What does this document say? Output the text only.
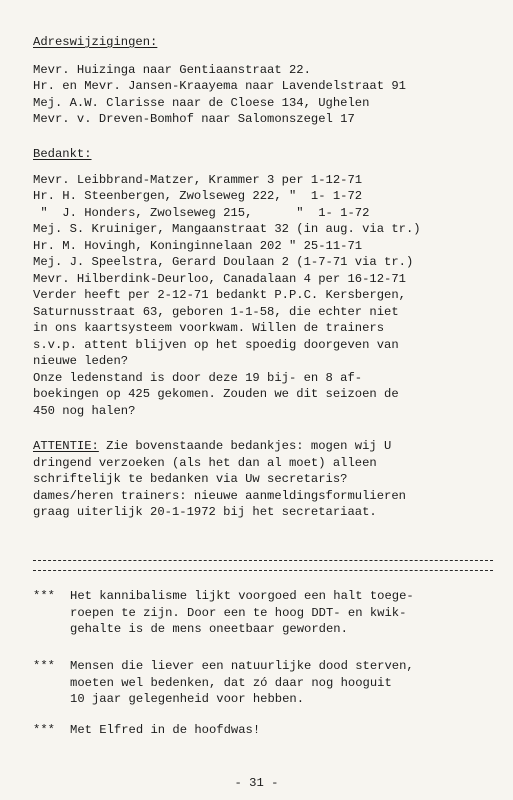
Adreswijzigingen:
Mevr. Huizinga naar Gentiaanstraat 22.
Hr. en Mevr. Jansen-Kraayema naar Lavendelstraat 91
Mej. A.W. Clarisse naar de Cloese 134, Ughelen
Mevr. v. Dreven-Bomhof naar Salomonszegel 17
Bedankt:
Mevr. Leibbrand-Matzer, Krammer 3 per 1-12-71
Hr. H. Steenbergen, Zwolseweg 222, "  1- 1-72
"  J. Honders, Zwolseweg 215,      "  1- 1-72
Mej. S. Kruiniger, Mangaanstraat 32 (in aug. via tr.)
Hr. M. Hovingh, Koninginnelaan 202 " 25-11-71
Mej. J. Speelstra, Gerard Doulaan 2 (1-7-71 via tr.)
Mevr. Hilberdink-Deurloo, Canadalaan 4 per 16-12-71
Verder heeft per 2-12-71 bedankt P.P.C. Kersbergen,
Saturnusstraat 63, geboren 1-1-58, die echter niet
in ons kaartsysteem voorkwam. Willen de trainers
s.v.p. attent blijven op het spoedig doorgeven van
nieuwe leden?
Onze ledenstand is door deze 19 bij- en 8 af-
boekingen op 425 gekomen. Zouden we dit seizoen de
450 nog halen?
ATTENTIE: Zie bovenstaande bedankjes: mogen wij U
dringend verzoeken (als het dan al moet) alleen
schriftelijk te bedanken via Uw secretaris?
dames/heren trainers: nieuwe aanmeldingsformulieren
graag uiterlijk 20-1-1972 bij het secretariaat.
*** Het kannibalisme lijkt voorgoed een halt toege-
roepen te zijn. Door een te hoog DDT- en kwik-
gehalte is de mens oneetbaar geworden.
*** Mensen die liever een natuurlijke dood sterven,
moeten wel bedenken, dat zó daar nog hooguit
10 jaar gelegenheid voor hebben.
*** Met Elfred in de hoofdwas!
- 31 -
